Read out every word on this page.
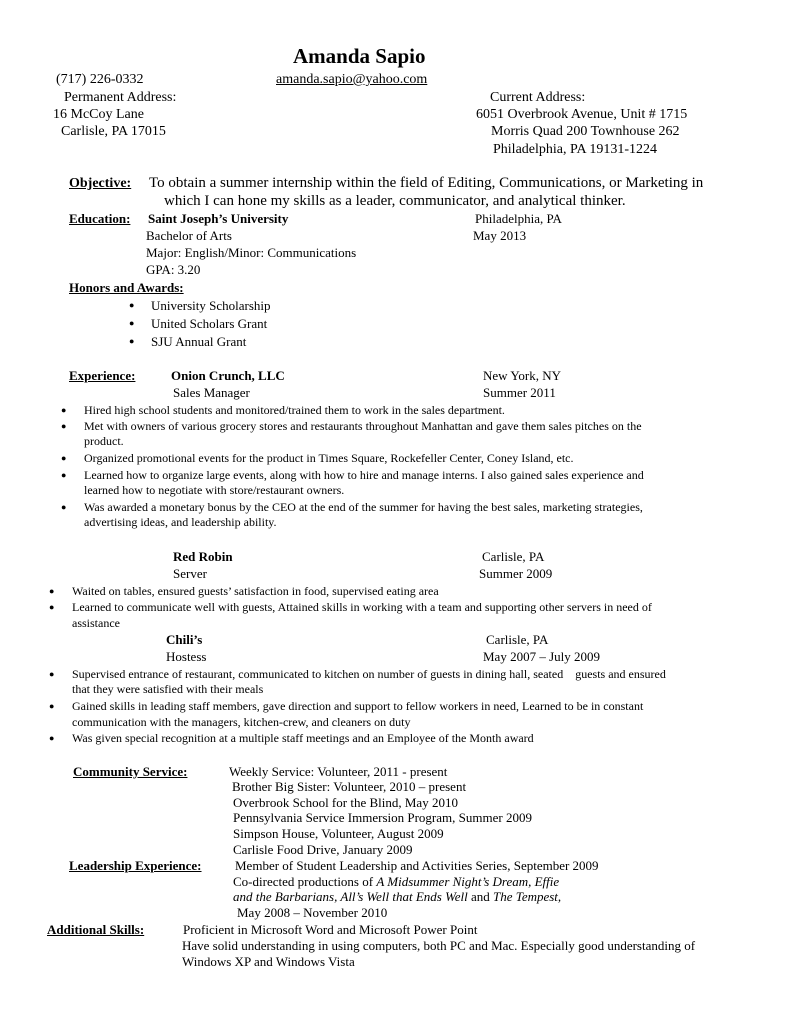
Amanda Sapio
(717) 226-0332	amanda.sapio@yahoo.com
Permanent Address:
16 McCoy Lane
Carlisle, PA 17015
Current Address:
6051 Overbrook Avenue, Unit # 1715
Morris Quad 200 Townhouse 262
Philadelphia, PA 19131-1224
Objective: To obtain a summer internship within the field of Editing, Communications, or Marketing in
which I can hone my skills as a leader, communicator, and analytical thinker.
Education: Saint Joseph’s University	Philadelphia, PA
Bachelor of Arts	May 2013
Major: English/Minor: Communications
GPA: 3.20
Honors and Awards:
● University Scholarship
● United Scholars Grant
● SJU Annual Grant
Experience:	Onion Crunch, LLC	New York, NY
Sales Manager	Summer 2011
● Hired high school students and monitored/trained them to work in the sales department.
● Met with owners of various grocery stores and restaurants throughout Manhattan and gave them sales pitches on the
product.
● Organized promotional events for the product in Times Square, Rockefeller Center, Coney Island, etc.
● Learned how to organize large events, along with how to hire and manage interns. I also gained sales experience and
learned how to negotiate with store/restaurant owners.
● Was awarded a monetary bonus by the CEO at the end of the summer for having the best sales, marketing strategies,
advertising ideas, and leadership ability.
Red Robin	Carlisle, PA
Server	Summer 2009
● Waited on tables, ensured guests’ satisfaction in food, supervised eating area
● Learned to communicate well with guests, Attained skills in working with a team and supporting other servers in need of
assistance
Chili’s	Carlisle, PA
Hostess	May 2007 – July 2009
● Supervised entrance of restaurant, communicated to kitchen on number of guests in dining hall, seated    guests and ensured
that they were satisfied with their meals
● Gained skills in leading staff members, gave direction and support to fellow workers in need, Learned to be in constant
communication with the managers, kitchen-crew, and cleaners on duty
● Was given special recognition at a multiple staff meetings and an Employee of the Month award
Community Service:	Weekly Service: Volunteer, 2011 - present
Brother Big Sister: Volunteer, 2010 – present
Overbrook School for the Blind, May 2010
Pennsylvania Service Immersion Program, Summer 2009
Simpson House, Volunteer, August 2009
Carlisle Food Drive, January 2009
Leadership Experience:	Member of Student Leadership and Activities Series, September 2009
Co-directed productions of A Midsummer Night’s Dream, Effie
and the Barbarians, All’s Well that Ends Well and The Tempest,
May 2008 – November 2010
Additional Skills:	Proficient in Microsoft Word and Microsoft Power Point
Have solid understanding in using computers, both PC and Mac. Especially good understanding of
Windows XP and Windows Vista
